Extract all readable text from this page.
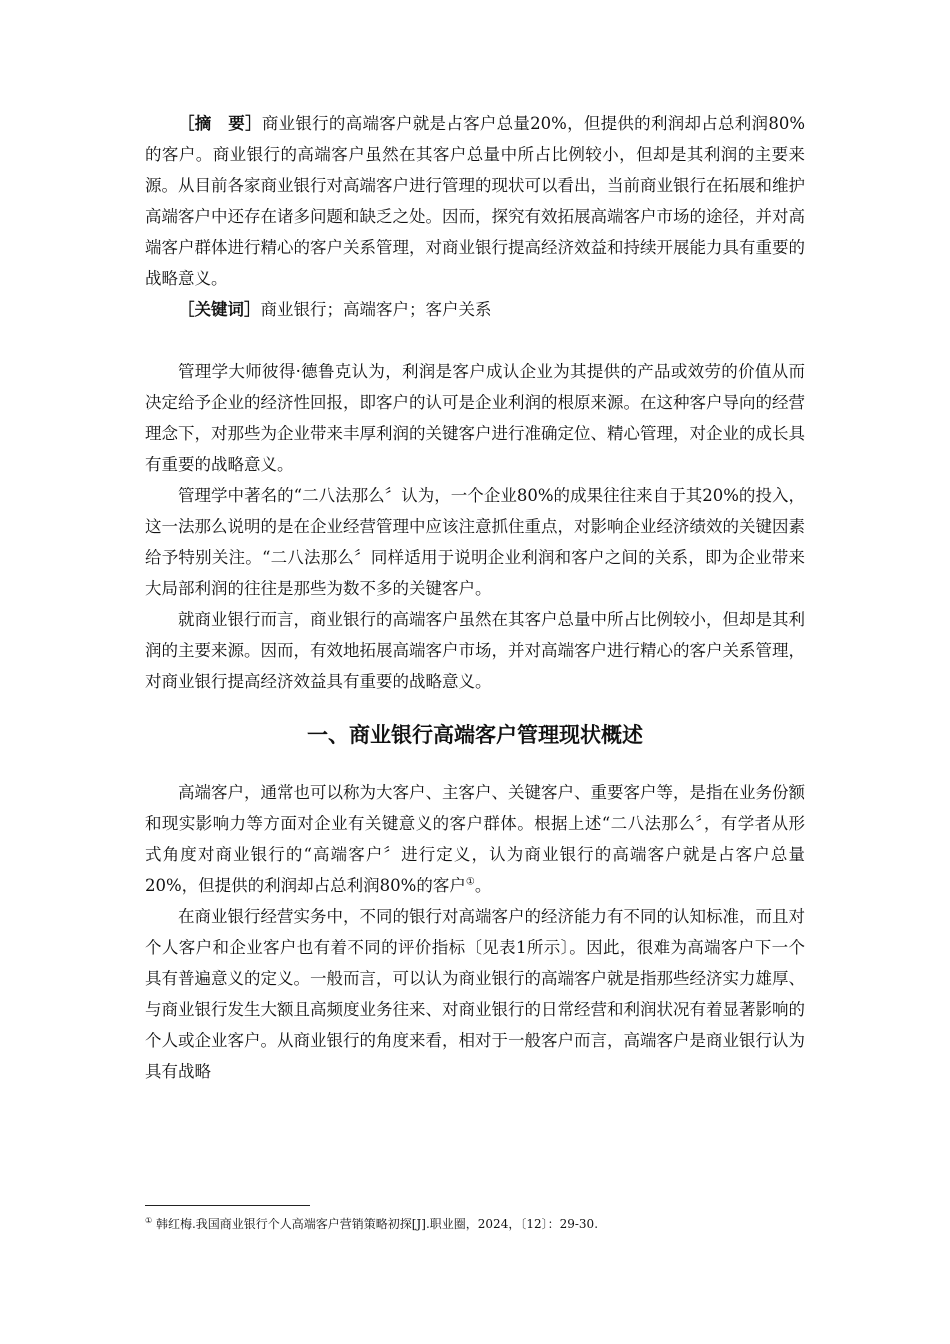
［摘　要］商业银行的高端客户就是占客户总量20%，但提供的利润却占总利润80%的客户。商业银行的高端客户虽然在其客户总量中所占比例较小，但却是其利润的主要来源。从目前各家商业银行对高端客户进行管理的现状可以看出，当前商业银行在拓展和维护高端客户中还存在诸多问题和缺乏之处。因而，探究有效拓展高端客户市场的途径，并对高端客户群体进行精心的客户关系管理，对商业银行提高经济效益和持续开展能力具有重要的战略意义。

［关键词］商业银行；高端客户；客户关系

管理学大师彼得·德鲁克认为，利润是客户成认企业为其提供的产品或效劳的价值从而决定给予企业的经济性回报，即客户的认可是企业利润的根原来源。在这种客户导向的经营理念下，对那些为企业带来丰厚利润的关键客户进行准确定位、精心管理，对企业的成长具有重要的战略意义。

管理学中著名的“二八法那么〞认为，一个企业80%的成果往往来自于其20%的投入，这一法那么说明的是在企业经营管理中应该注意抓住重点，对影响企业经济绩效的关键因素给予特别关注。“二八法那么〞同样适用于说明企业利润和客户之间的关系，即为企业带来大局部利润的往往是那些为数不多的关键客户。

就商业银行而言，商业银行的高端客户虽然在其客户总量中所占比例较小，但却是其利润的主要来源。因而，有效地拓展高端客户市场，并对高端客户进行精心的客户关系管理，对商业银行提高经济效益具有重要的战略意义。

一、商业银行高端客户管理现状概述

高端客户，通常也可以称为大客户、主客户、关键客户、重要客户等，是指在业务份额和现实影响力等方面对企业有关键意义的客户群体。根据上述“二八法那么〞，有学者从形式角度对商业银行的“高端客户〞进行定义，认为商业银行的高端客户就是占客户总量20%，但提供的利润却占总利润80%的客户①。

在商业银行经营实务中，不同的银行对高端客户的经济能力有不同的认知标准，而且对个人客户和企业客户也有着不同的评价指标〔见表1所示〕。因此，很难为高端客户下一个具有普遍意义的定义。一般而言，可以认为商业银行的高端客户就是指那些经济实力雄厚、与商业银行发生大额且高频度业务往来、对商业银行的日常经营和利润状况有着显著影响的个人或企业客户。从商业银行的角度来看，相对于一般客户而言，高端客户是商业银行认为具有战略

① 韩红梅.我国商业银行个人高端客户营销策略初探[J].职业圈，2024，〔12〕：29-30.
